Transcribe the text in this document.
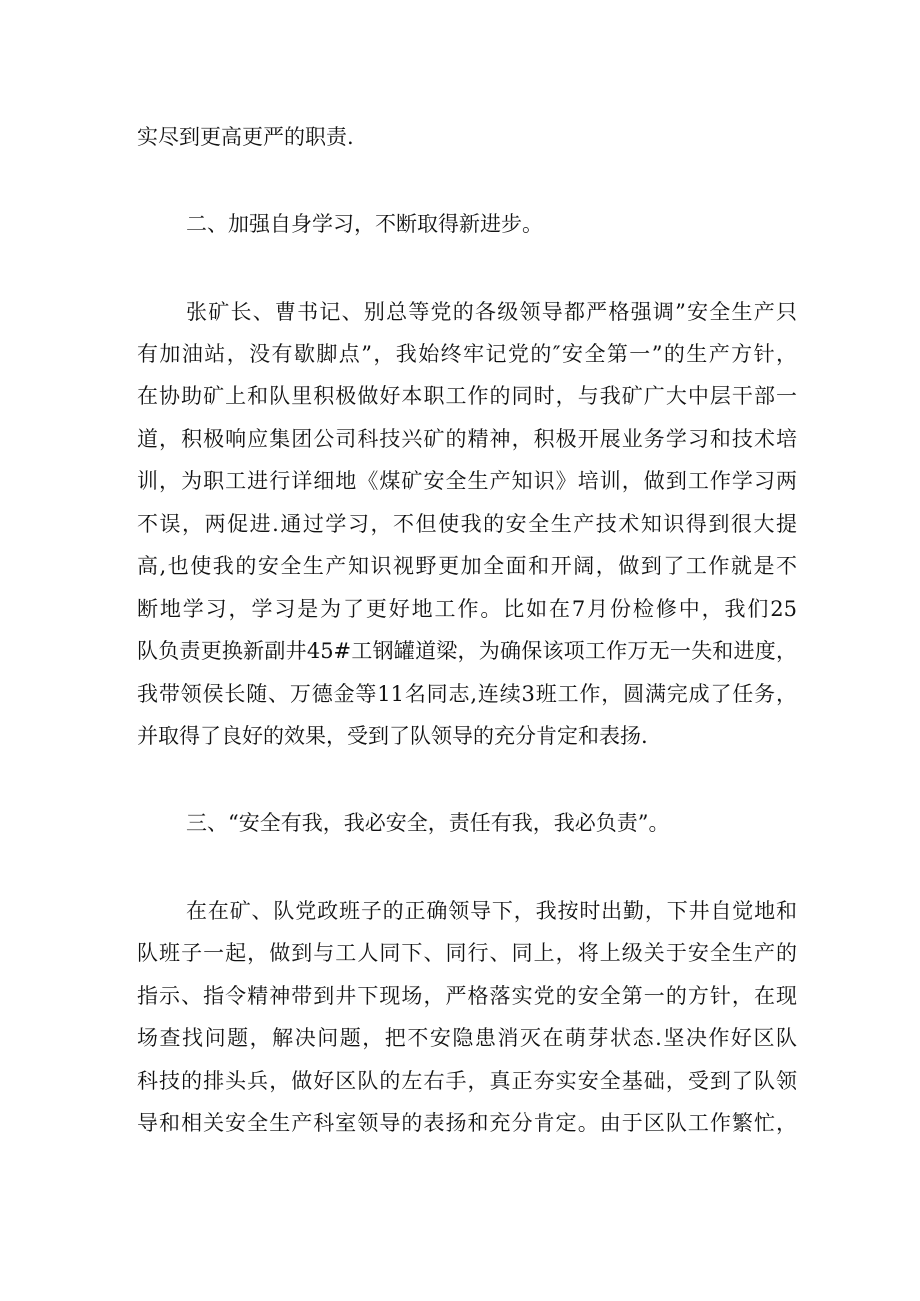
实尽到更高更严的职责.
二、加强自身学习，不断取得新进步。
张矿长、曹书记、别总等党的各级领导都严格强调”安全生产只
有加油站，没有歇脚点”，我始终牢记党的″安全第一”的生产方针，
在协助矿上和队里积极做好本职工作的同时，与我矿广大中层干部一
道，积极响应集团公司科技兴矿的精神，积极开展业务学习和技术培
训，为职工进行详细地《煤矿安全生产知识》培训，做到工作学习两
不误，两促进.通过学习，不但使我的安全生产技术知识得到很大提
高,也使我的安全生产知识视野更加全面和开阔，做到了工作就是不
断地学习，学习是为了更好地工作。比如在7月份检修中，我们25
队负责更换新副井45#工钢罐道梁，为确保该项工作万无一失和进度，
我带领侯长随、万德金等11名同志,连续3班工作，圆满完成了任务，
并取得了良好的效果，受到了队领导的充分肯定和表扬.
三、“安全有我，我必安全，责任有我，我必负责”。
在在矿、队党政班子的正确领导下，我按时出勤，下井自觉地和
队班子一起，做到与工人同下、同行、同上，将上级关于安全生产的
指示、指令精神带到井下现场，严格落实党的安全第一的方针，在现
场查找问题，解决问题，把不安隐患消灭在萌芽状态.坚决作好区队
科技的排头兵，做好区队的左右手，真正夯实安全基础，受到了队领
导和相关安全生产科室领导的表扬和充分肯定。由于区队工作繁忙，
